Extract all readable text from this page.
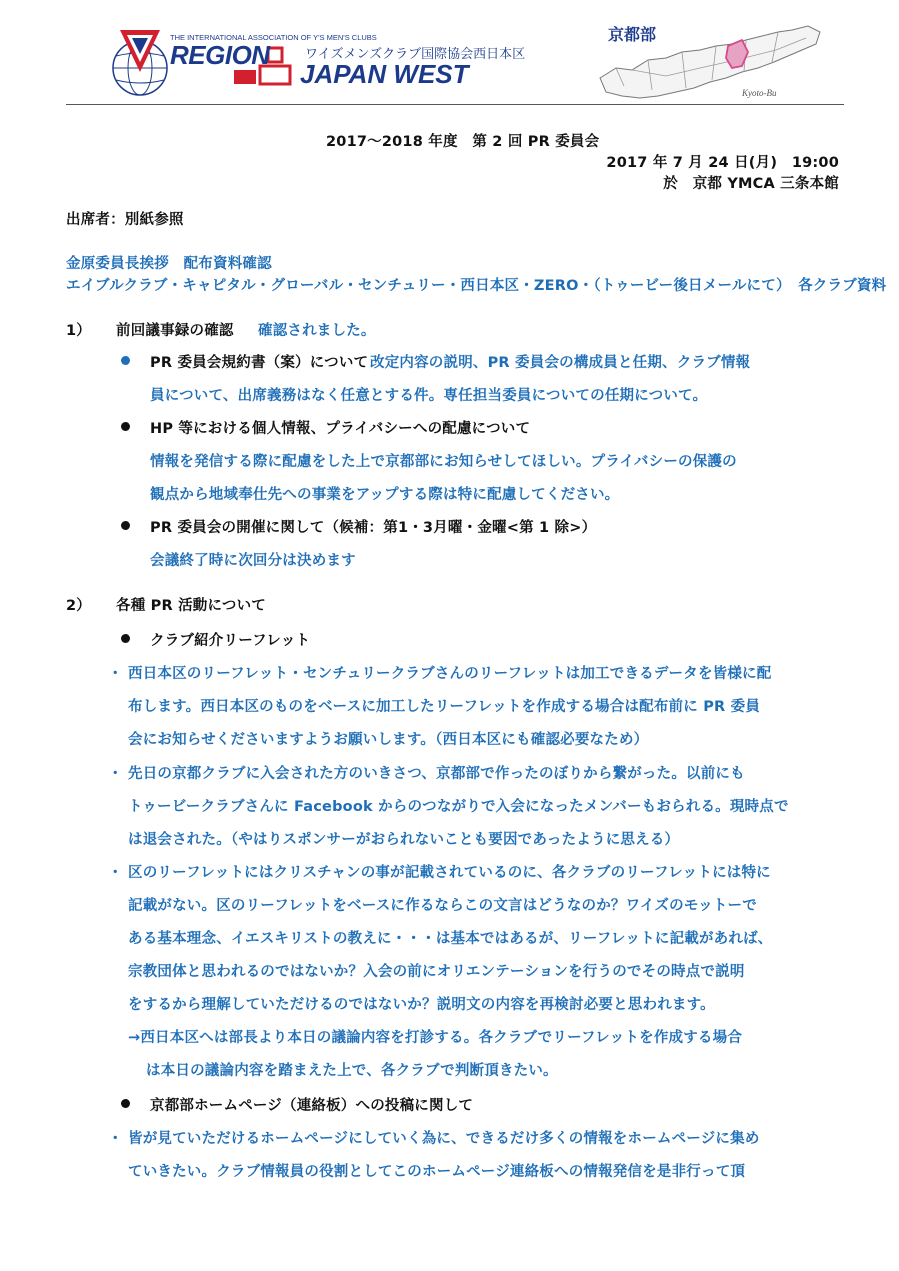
THE INTERNATIONAL ASSOCIATION OF Y'S MEN'S CLUBS
REGION	ワイズメンズクラブ国際協会西日本区
JAPAN WEST
京都部
Kyoto-Bu
2017～2018 年度　第 2 回 PR 委員会
2017 年 7 月 24 日(月)　19:00
於　京都 YMCA 三条本館
出席者：別紙参照
金原委員長挨拶　配布資料確認
エイブルクラブ・キャピタル・グローバル・センチュリー・西日本区・ZERO・（トゥービー後日メールにて）　各クラブ資料
1） 前回議事録の確認 確認されました。
PR 委員会規約書（案）について 改定内容の説明、PR 委員会の構成員と任期、クラブ情報
員について、出席義務はなく任意とする件。専任担当委員についての任期について。
HP 等における個人情報、プライバシーへの配慮について
情報を発信する際に配慮をした上で京都部にお知らせしてほしい。プライバシーの保護の
観点から地域奉仕先への事業をアップする際は特に配慮してください。
PR 委員会の開催に関して（候補：第1・3月曜・金曜<第 1 除>）
会議終了時に次回分は決めます
2） 各種 PR 活動について
クラブ紹介リーフレット
・ 西日本区のリーフレット・センチュリークラブさんのリーフレットは加工できるデータを皆様に配
布します。西日本区のものをベースに加工したリーフレットを作成する場合は配布前に PR 委員
会にお知らせくださいますようお願いします。（西日本区にも確認必要なため）
・ 先日の京都クラブに入会された方のいきさつ、京都部で作ったのぼりから繋がった。以前にも
トゥービークラブさんに Facebook からのつながりで入会になったメンバーもおられる。現時点で
は退会された。（やはりスポンサーがおられないことも要因であったように思える）
・ 区のリーフレットにはクリスチャンの事が記載されているのに、各クラブのリーフレットには特に
記載がない。区のリーフレットをベースに作るならこの文言はどうなのか？ワイズのモットーで
ある基本理念、イエスキリストの教えに・・・は基本ではあるが、リーフレットに記載があれば、
宗教団体と思われるのではないか？入会の前にオリエンテーションを行うのでその時点で説明
をするから理解していただけるのではないか？説明文の内容を再検討必要と思われます。
→西日本区へは部長より本日の議論内容を打診する。各クラブでリーフレットを作成する場合
は本日の議論内容を踏まえた上で、各クラブで判断頂きたい。
京都部ホームページ（連絡板）への投稿に関して
・ 皆が見ていただけるホームページにしていく為に、できるだけ多くの情報をホームページに集め
ていきたい。クラブ情報員の役割としてこのホームページ連絡板への情報発信を是非行って頂
